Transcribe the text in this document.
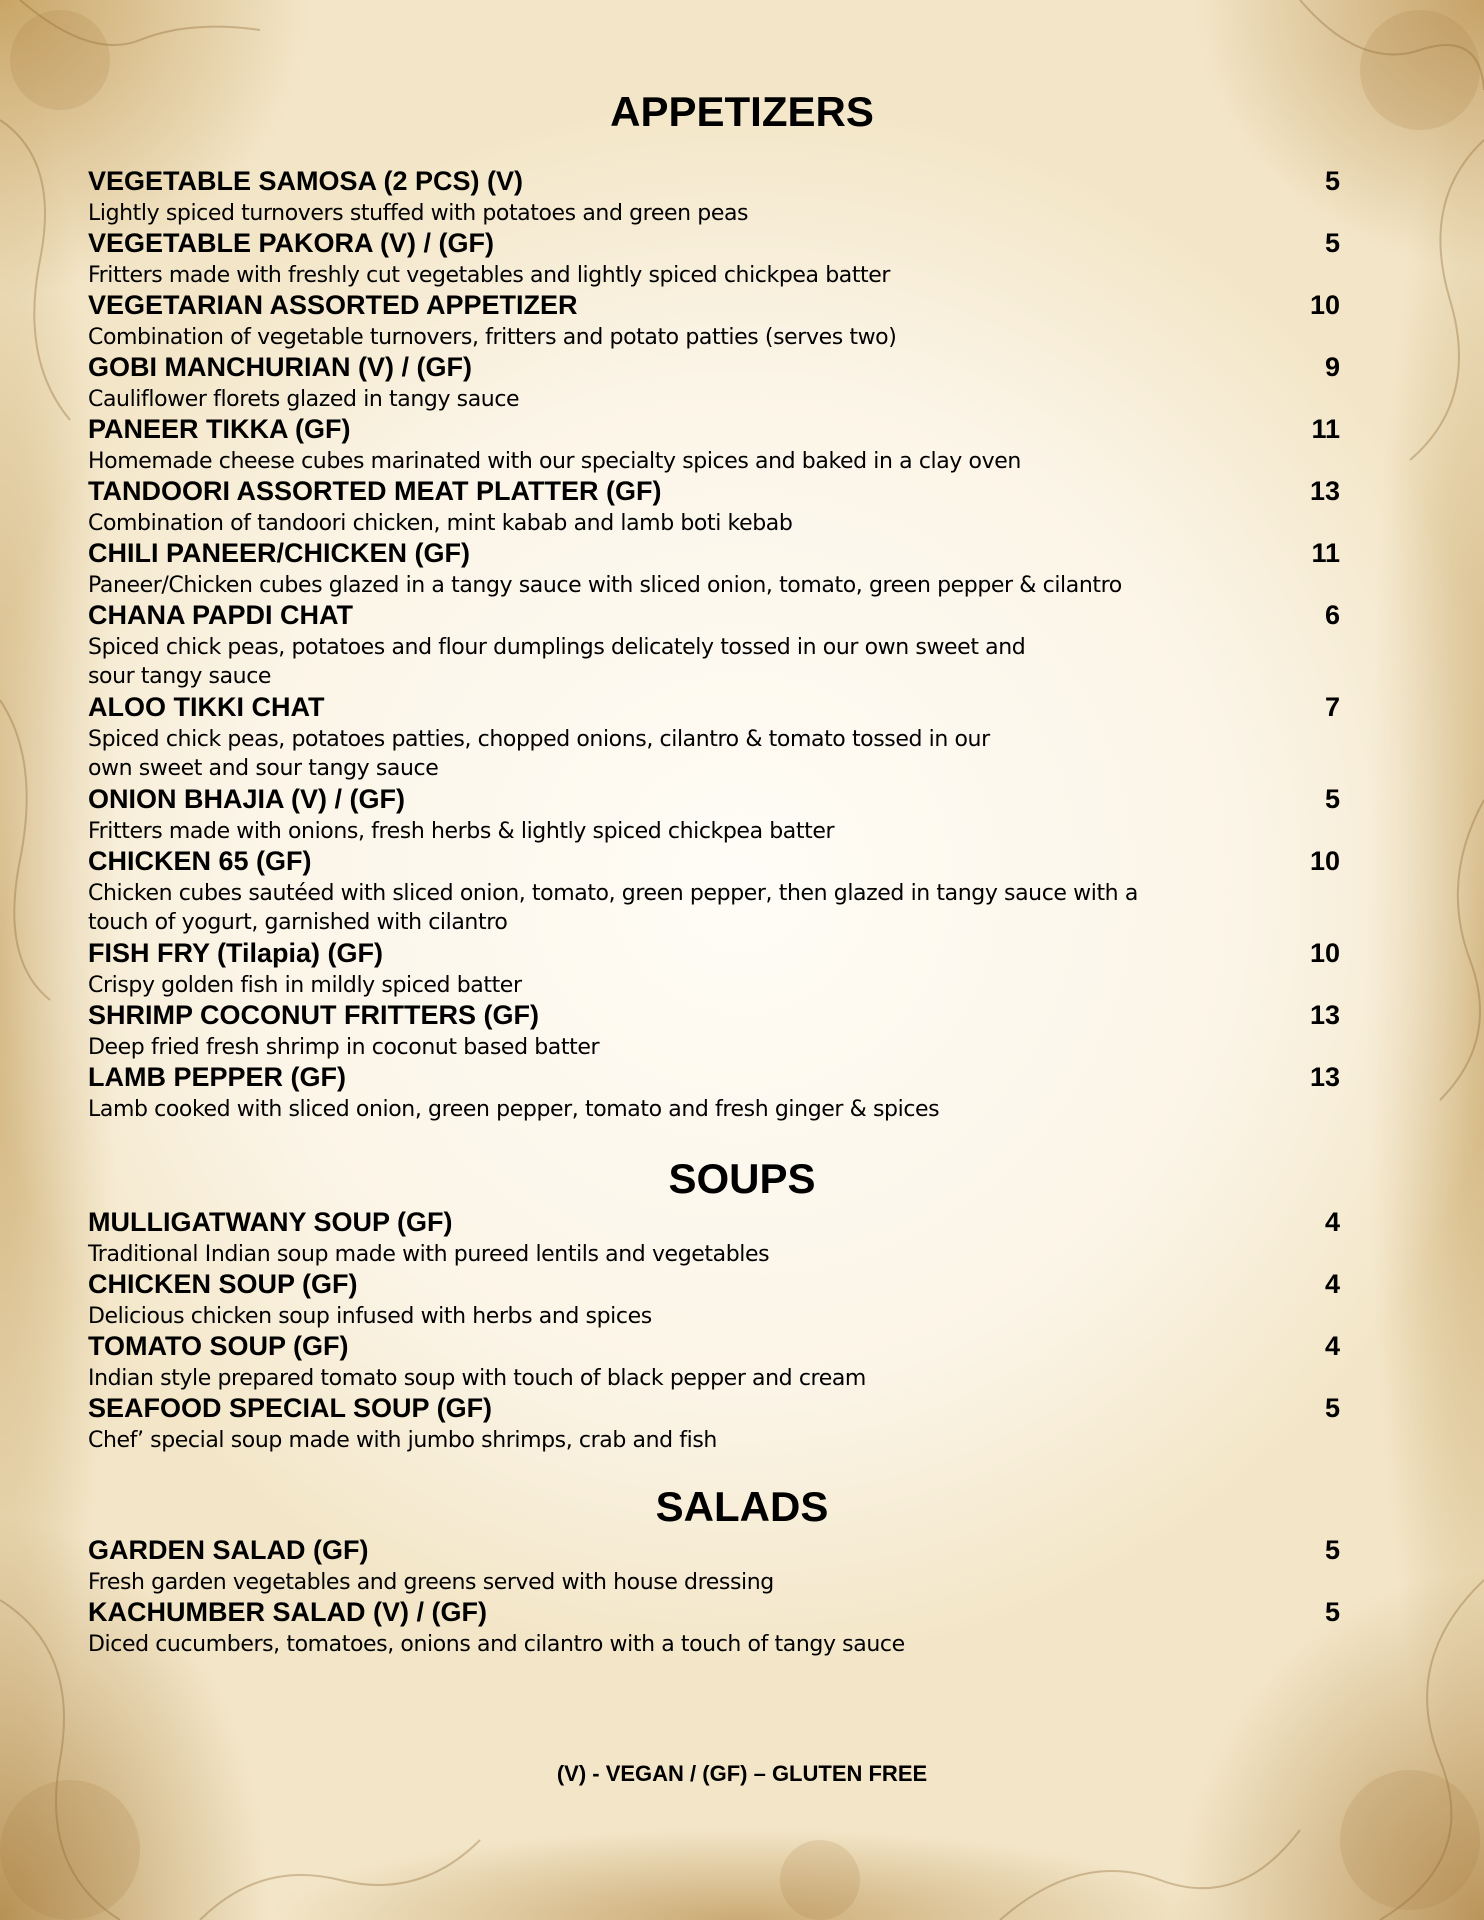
APPETIZERS
VEGETABLE SAMOSA (2 PCS) (V)	5
Lightly spiced turnovers stuffed with potatoes and green peas
VEGETABLE PAKORA (V) / (GF)	5
Fritters made with freshly cut vegetables and lightly spiced chickpea batter
VEGETARIAN ASSORTED APPETIZER	10
Combination of vegetable turnovers, fritters and potato patties (serves two)
GOBI MANCHURIAN (V) / (GF)	9
Cauliflower florets glazed in tangy sauce
PANEER TIKKA (GF)	11
Homemade cheese cubes marinated with our specialty spices and baked in a clay oven
TANDOORI ASSORTED MEAT PLATTER (GF)	13
Combination of tandoori chicken, mint kabab and lamb boti kebab
CHILI PANEER/CHICKEN (GF)	11
Paneer/Chicken cubes glazed in a tangy sauce with sliced onion, tomato, green pepper & cilantro
CHANA PAPDI CHAT	6
Spiced chick peas, potatoes and flour dumplings delicately tossed in our own sweet and
sour tangy sauce
ALOO TIKKI CHAT	7
Spiced chick peas, potatoes patties, chopped onions, cilantro & tomato tossed in our
own sweet and sour tangy sauce
ONION BHAJIA (V) / (GF)	5
Fritters made with onions, fresh herbs & lightly spiced chickpea batter
CHICKEN 65 (GF)	10
Chicken cubes sautéed with sliced onion, tomato, green pepper, then glazed in tangy sauce with a
touch of yogurt, garnished with cilantro
FISH FRY (Tilapia) (GF)	10
Crispy golden fish in mildly spiced batter
SHRIMP COCONUT FRITTERS (GF)	13
Deep fried fresh shrimp in coconut based batter
LAMB PEPPER (GF)	13
Lamb cooked with sliced onion, green pepper, tomato and fresh ginger & spices
SOUPS
MULLIGATWANY SOUP (GF)	4
Traditional Indian soup made with pureed lentils and vegetables
CHICKEN SOUP (GF)	4
Delicious chicken soup infused with herbs and spices
TOMATO SOUP (GF)	4
Indian style prepared tomato soup with touch of black pepper and cream
SEAFOOD SPECIAL SOUP (GF)	5
Chef’ special soup made with jumbo shrimps, crab and fish
SALADS
GARDEN SALAD (GF)	5
Fresh garden vegetables and greens served with house dressing
KACHUMBER SALAD (V) / (GF)	5
Diced cucumbers, tomatoes, onions and cilantro with a touch of tangy sauce
(V) - VEGAN / (GF) – GLUTEN FREE
